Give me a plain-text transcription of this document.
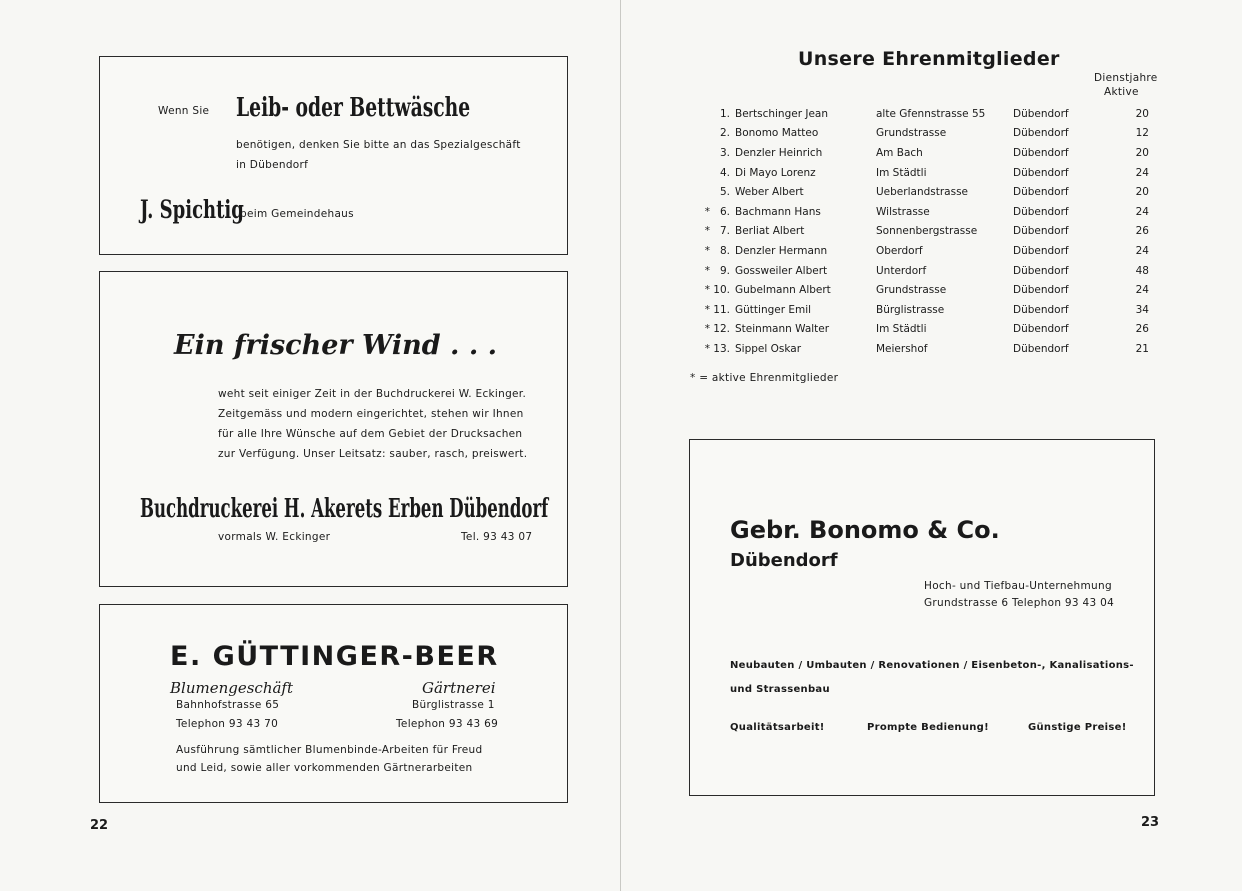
Wenn Sie Leib- oder Bettwäsche
benötigen, denken Sie bitte an das Spezialgeschäft
in Dübendorf
J. Spichtig
beim Gemeindehaus
Ein frischer Wind . . .
weht seit einiger Zeit in der Buchdruckerei W. Eckinger.
Zeitgemäss und modern eingerichtet, stehen wir Ihnen
für alle Ihre Wünsche auf dem Gebiet der Drucksachen
zur Verfügung. Unser Leitsatz: sauber, rasch, preiswert.
Buchdruckerei H. Akerets Erben Dübendorf
vormals W. Eckinger	Tel. 93 43 07
E. GÜTTINGER-BEER
Blumengeschäft	Gärtnerei
Bahnhofstrasse 65	Bürglistrasse 1
Telephon 93 43 70	Telephon 93 43 69
Ausführung sämtlicher Blumenbinde-Arbeiten für Freud
und Leid, sowie aller vorkommenden Gärtnerarbeiten
22
Unsere Ehrenmitglieder
Dienstjahre
Aktive
	1.	Bertschinger Jean	alte Gfennstrasse 55	Dübendorf	20
	2.	Bonomo Matteo	Grundstrasse	Dübendorf	12
	3.	Denzler Heinrich	Am Bach	Dübendorf	20
	4.	Di Mayo Lorenz	Im Städtli	Dübendorf	24
	5.	Weber Albert	Ueberlandstrasse	Dübendorf	20
*	6.	Bachmann Hans	Wilstrasse	Dübendorf	24
*	7.	Berliat Albert	Sonnenbergstrasse	Dübendorf	26
*	8.	Denzler Hermann	Oberdorf	Dübendorf	24
*	9.	Gossweiler Albert	Unterdorf	Dübendorf	48
*	10.	Gubelmann Albert	Grundstrasse	Dübendorf	24
*	11.	Güttinger Emil	Bürglistrasse	Dübendorf	34
*	12.	Steinmann Walter	Im Städtli	Dübendorf	26
*	13.	Sippel Oskar	Meiershof	Dübendorf	21
* = aktive Ehrenmitglieder
Gebr. Bonomo & Co.
Dübendorf
Hoch- und Tiefbau-Unternehmung
Grundstrasse 6 Telephon 93 43 04
Neubauten / Umbauten / Renovationen / Eisenbeton-, Kanalisations-
und Strassenbau
Qualitätsarbeit!	Prompte Bedienung!	Günstige Preise!
23
